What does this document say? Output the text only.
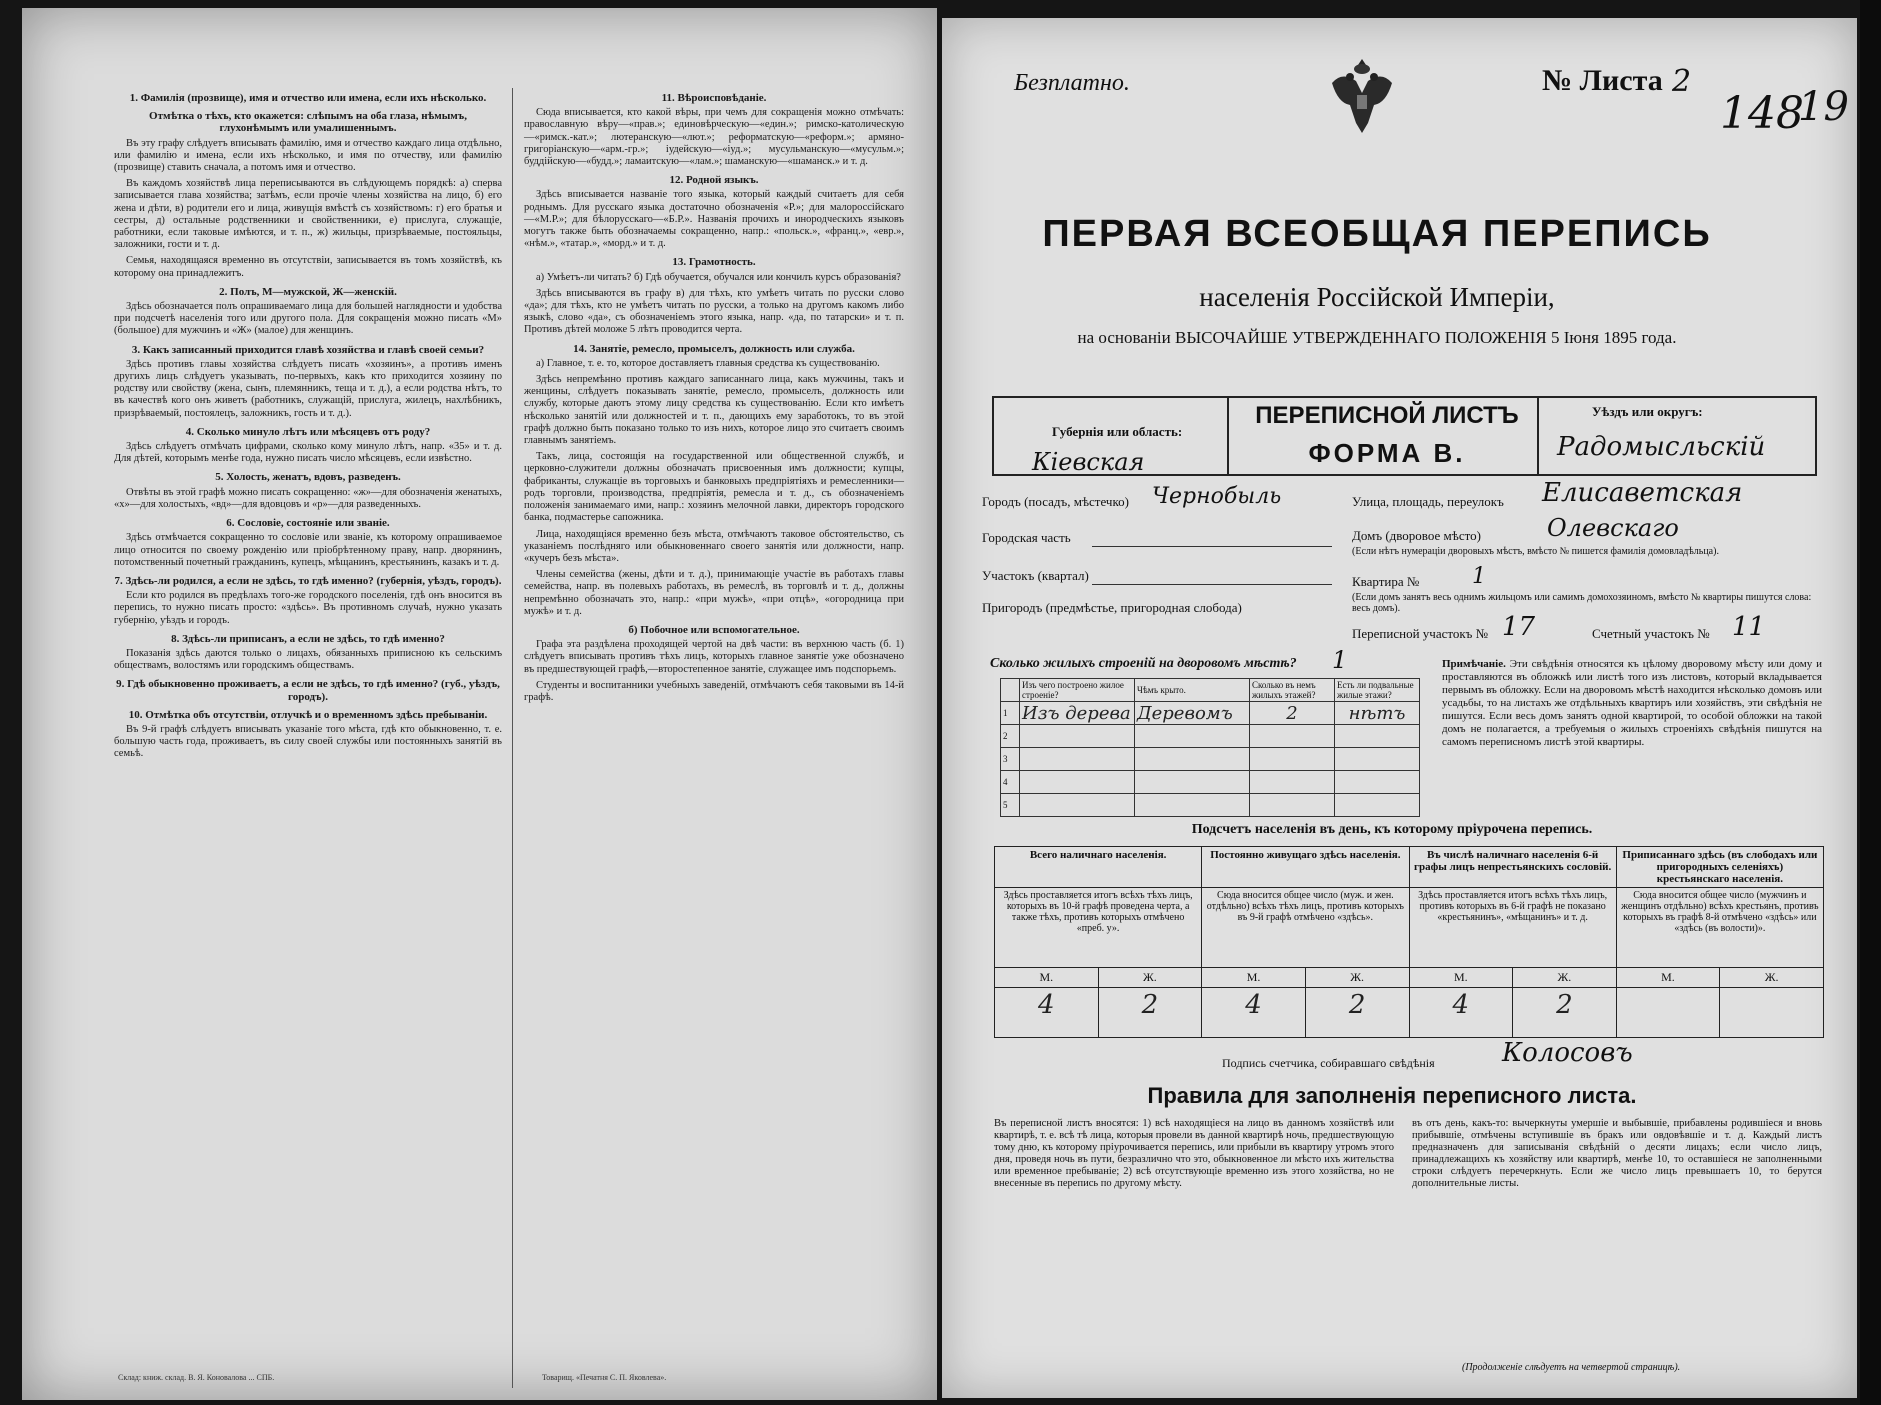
1. Фамилія (прозвище), имя и отчество или имена, если ихъ нѣсколько.
Отмѣтка о тѣхъ, кто окажется: слѣпымъ на оба глаза, нѣмымъ, глухонѣмымъ или умалишеннымъ.

Въ эту графу слѣдуетъ вписывать фамилію, имя и отчество каждаго лица отдѣльно, или фамилію и имена, если ихъ нѣсколько, и имя по отчеству, или фамилію (прозвище) ставить сначала, а потомъ имя и отчество.

Въ каждомъ хозяйствѣ лица переписываются въ слѣдующемъ порядкѣ: а) сперва записывается глава хозяйства; затѣмъ, если прочіе члены хозяйства на лицо, б) его жена и дѣти, в) родители его и лица, живущія вмѣстѣ съ хозяйствомъ: г) его братья и сестры, д) остальные родственники и свойственники, е) прислуга, служащіе, работники, если таковые имѣются, и т. п., ж) жильцы, призрѣваемые, постояльцы, заложники, гости и т. д.

Семья, находящаяся временно въ отсутствіи, записывается въ томъ хозяйствѣ, къ которому она принадлежитъ.

2. Полъ, М—мужской, Ж—женскій.

Здѣсь обозначается полъ опрашиваемаго лица для большей наглядности и удобства при подсчетѣ населенія того или другого пола. Для сокращенія можно писать «М» (большое) для мужчинъ и «Ж» (малое) для женщинъ.

3. Какъ записанный приходится главѣ хозяйства и главѣ своей семьи?

Здѣсь противъ главы хозяйства слѣдуетъ писать «хозяинъ», а противъ именъ другихъ лицъ слѣдуетъ указывать, по-первыхъ, какъ кто приходится хозяину по родству или свойству (жена, сынъ, племянникъ, теща и т. д.), а если родства нѣтъ, то въ качествѣ кого онъ живетъ (работникъ, служащій, прислуга, жилецъ, нахлѣбникъ, призрѣваемый, постоялецъ, заложникъ, гость и т. д.).

4. Сколько минуло лѣтъ или мѣсяцевъ отъ роду?

Здѣсь слѣдуетъ отмѣчать цифрами, сколько кому минуло лѣтъ, напр. «35» и т. д. Для дѣтей, которымъ менѣе года, нужно писать число мѣсяцевъ, если извѣстно.

5. Холость, женатъ, вдовъ, разведенъ.

Отвѣты въ этой графѣ можно писать сокращенно: «ж»—для обозначенія женатыхъ, «х»—для холостыхъ, «вд»—для вдовцовъ и «р»—для разведенныхъ.

6. Сословіе, состояніе или званіе.

Здѣсь отмѣчается сокращенно то сословіе или званіе, къ которому опрашиваемое лицо относится по своему рожденію или пріобрѣтенному праву, напр. дворянинъ, потомственный почетный гражданинъ, купецъ, мѣщанинъ, крестьянинъ, казакъ и т. д.

7. Здѣсь-ли родился, а если не здѣсь, то гдѣ именно? (губернія, уѣздъ, городъ).

Если кто родился въ предѣлахъ того-же городского поселенія, гдѣ онъ вносится въ перепись, то нужно писать просто: «здѣсь». Въ противномъ случаѣ, нужно указать губернію, уѣздъ и городъ.

8. Здѣсь-ли приписанъ, а если не здѣсь, то гдѣ именно?

Показанія здѣсь даются только о лицахъ, обязанныхъ приписною къ сельскимъ обществамъ, волостямъ или городскимъ обществамъ.

9. Гдѣ обыкновенно проживаетъ, а если не здѣсь, то гдѣ именно? (губ., уѣздъ, городъ).
10. Отмѣтка объ отсутствіи, отлучкѣ и о временномъ здѣсь пребываніи.

Въ 9-й графѣ слѣдуетъ вписывать указаніе того мѣста, гдѣ кто обыкновенно, т. е. большую часть года, проживаетъ, въ силу своей службы или постоянныхъ занятій въ семьѣ.

11. Вѣроисповѣданіе.

Сюда вписывается, кто какой вѣры, при чемъ для сокращенія можно отмѣчать: православную вѣру—«прав.»; единовѣрческую—«един.»; римско-католическую—«римск.-кат.»; лютеранскую—«лют.»; реформатскую—«реформ.»; армяно-григоріанскую—«арм.-гр.»; іудейскую—«іуд.»; мусульманскую—«мусульм.»; буддійскую—«будд.»; ламаитскую—«лам.»; шаманскую—«шаманск.» и т. д.

12. Родной языкъ.

Здѣсь вписывается названіе того языка, который каждый считаетъ для себя роднымъ. Для русскаго языка достаточно обозначенія «Р.»; для малороссійскаго—«М.Р.»; для бѣлорусскаго—«Б.Р.». Названія прочихъ и инородческихъ языковъ могутъ также быть обозначаемы сокращенно, напр.: «польск.», «франц.», «евр.», «нѣм.», «татар.», «морд.» и т. д.

13. Грамотность.

а) Умѣетъ-ли читать? б) Гдѣ обучается, обучался или кончилъ курсъ образованія?

Здѣсь вписываются въ графу в) для тѣхъ, кто умѣетъ читать по русски слово «да»; для тѣхъ, кто не умѣетъ читать по русски, а только на другомъ какомъ либо языкѣ, слово «да», съ обозначеніемъ этого языка, напр. «да, по татарски» и т. п. Противъ дѣтей моложе 5 лѣтъ проводится черта.

14. Занятіе, ремесло, промыселъ, должность или служба.

а) Главное, т. е. то, которое доставляетъ главныя средства къ существованію.

Здѣсь непремѣнно противъ каждаго записаннаго лица, какъ мужчины, такъ и женщины, слѣдуетъ показывать занятіе, ремесло, промыселъ, должность или службу, которые даютъ этому лицу средства къ существованію. Если кто имѣетъ нѣсколько занятій или должностей и т. п., дающихъ ему заработокъ, то въ этой графѣ должно быть показано только то изъ нихъ, которое лицо это считаетъ своимъ главнымъ занятіемъ.

Такъ, лица, состоящія на государственной или общественной службѣ, и церковно-служители должны обозначать присвоенныя имъ должности; купцы, фабриканты, служащіе въ торговыхъ и банковыхъ предпріятіяхъ и ремесленники—родъ торговли, производства, предпріятія, ремесла и т. д., съ обозначеніемъ положенія занимаемаго ими, напр.: хозяинъ мелочной лавки, директоръ городского банка, подмастерье сапожника.

Лица, находящіяся временно безъ мѣста, отмѣчаютъ таковое обстоятельство, съ указаніемъ послѣдняго или обыкновеннаго своего занятія или должности, напр. «кучеръ безъ мѣста».

Члены семейства (жены, дѣти и т. д.), принимающіе участіе въ работахъ главы семейства, напр. въ полевыхъ работахъ, въ ремеслѣ, въ торговлѣ и т. д., должны непремѣнно обозначать это, напр.: «при мужѣ», «при отцѣ», «огородница при мужѣ» и т. д.

б) Побочное или вспомогательное.

Графа эта раздѣлена проходящей чертой на двѣ части: въ верхнюю часть (б. 1) слѣдуетъ вписывать противъ тѣхъ лицъ, которыхъ главное занятіе уже обозначено въ предшествующей графѣ,—второстепенное занятіе, служащее имъ подспорьемъ.

Студенты и воспитанники учебныхъ заведеній, отмѣчаютъ себя таковыми въ 14-й графѣ.

Склад: книж. склад. В. Я. Коновалова ... СПБ.	Товарищ. «Печатня С. П. Яковлева».
Безплатно.	№ Листа 2
148
19
ПЕРВАЯ ВСЕОБЩАЯ ПЕРЕПИСЬ
населенія Россійской Имперіи,
на основаніи ВЫСОЧАЙШЕ УТВЕРЖДЕННАГО ПОЛОЖЕНІЯ 5 Іюня 1895 года.
Губернія или область:
Кіевская
ПЕРЕПИСНОЙ ЛИСТЪ
ФОРМА В.
Уѣздъ или округъ:
Радомысльскій
Городъ (посадъ, мѣстечко) Чернобыль	Улица, площадь, переулокъ Елисаветская
Городская часть	Домъ (дворовое мѣсто)	Олевскаго
(Если нѣтъ нумераціи дворовыхъ мѣстъ, вмѣсто № пишется фамилія домовладѣльца).
Участокъ (квартал)	Квартира № 1
(Если домъ занятъ весь однимъ жильцомъ или самимъ домохозяиномъ, вмѣсто № квартиры пишутся слова: весь домъ).
Пригородъ (предмѣстье, пригородная слобода)
Переписной участокъ № 17	Счетный участокъ № 11
Сколько жилыхъ строеній на дворовомъ мѣстѣ? 1
	Изъ чего построено жилое строеніе?	Чѣмъ крыто.	Сколько въ немъ жилыхъ этажей?	Есть ли подвальные жилые этажи?
1	Изъ дерева	Деревомъ	2	нѣтъ
2				
3				
4				
5				
Примѣчаніе. Эти свѣдѣнія относятся къ цѣлому дворовому мѣсту или дому и проставляются въ обложкѣ или листѣ того изъ листовъ, который вкладывается первымъ въ обложку. Если на дворовомъ мѣстѣ находится нѣсколько домовъ или усадьбы, то на листахъ же отдѣльныхъ квартиръ или хозяйствъ, эти свѣдѣнія не пишутся. Если весь домъ занятъ одной квартирой, то особой обложки на такой домъ не полагается, а требуемыя о жилыхъ строеніяхъ свѣдѣнія пишутся на самомъ переписномъ листѣ этой квартиры.
Подсчетъ населенія въ день, къ которому пріурочена перепись.
Всего наличнаго населенія.		Постоянно живущаго здѣсь населенія.		Въ числѣ наличнаго населенія 6-й графы лицъ непрестьянскихъ сословій.		Приписаннаго здѣсь (въ слободахъ или пригородныхъ селеніяхъ) крестьянскаго населенія.	
Здѣсь проставляется итогъ всѣхъ тѣхъ лицъ, которыхъ въ 10-й графѣ проведена черта, а также тѣхъ, противъ которыхъ отмѣчено «преб. у».		Сюда вносится общее число (муж. и жен. отдѣльно) всѣхъ тѣхъ лицъ, противъ которыхъ въ 9-й графѣ отмѣчено «здѣсь».		Здѣсь проставляется итогъ всѣхъ тѣхъ лицъ, противъ которыхъ въ 6-й графѣ не показано «крестьянинъ», «мѣщанинъ» и т. д.		Сюда вносится общее число (мужчинъ и женщинъ отдѣльно) всѣхъ крестьянъ, противъ которыхъ въ графѣ 8-й отмѣчено «здѣсь» или «здѣсь (въ волости)».	
М.	Ж.	М.	Ж.	М.	Ж.	М.	Ж.
4	2	4	2	4	2		
Подпись счетчика, собиравшаго свѣдѣнія	Колосовъ
Правила для заполненія переписного листа.
Въ переписной листъ вносятся: 1) всѣ находящіеся на лицо въ данномъ хозяйствѣ или квартирѣ, т. е. всѣ тѣ лица, которыя провели въ данной квартирѣ ночь, предшествующую тому дню, къ которому пріурочивается перепись, или прибыли въ квартиру утромъ этого дня, проведя ночь въ пути, безразлично что это, обыкновенное ли мѣсто ихъ жительства или временное пребываніе; 2) всѣ отсутствующіе временно изъ этого хозяйства, но не внесенные въ перепись по другому мѣсту.
въ отъ день, какъ-то: вычеркнуты умершіе и выбывшіе, прибавлены родившіеся и вновь прибывшіе, отмѣчены вступившіе въ бракъ или овдовѣвшіе и т. д. Каждый листъ предназначенъ для записыванія свѣдѣній о десяти лицахъ; если число лицъ, принадлежащихъ къ хозяйству или квартирѣ, менѣе 10, то оставшіеся не заполненными строки слѣдуетъ перечеркнуть. Если же число лицъ превышаетъ 10, то берутся дополнительные листы.
(Продолженіе слѣдуетъ на четвертой страницѣ).
